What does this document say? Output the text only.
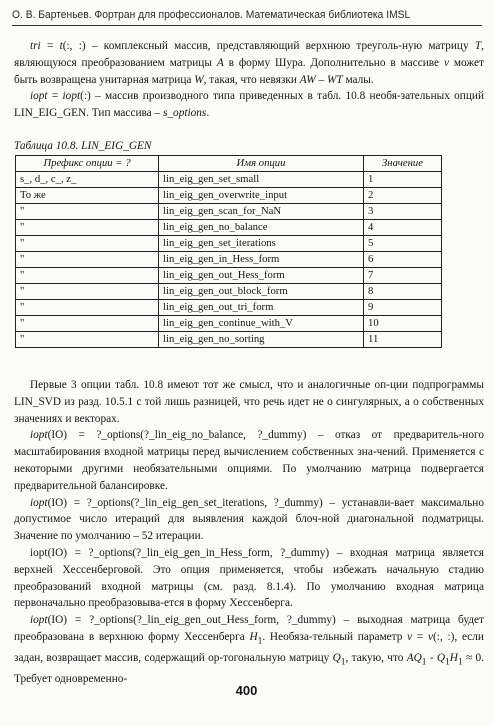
О. В. Бартеньев. Фортран для профессионалов. Математическая библиотека IMSL

tri = t(:, :) – комплексный массив, представляющий верхнюю треуголь-ную матрицу T, являющуюся преобразованием матрицы A в форму Шура. Дополнительно в массиве v может быть возвращена унитарная матрица W, такая, что невязки AW – WT малы.

iopt = iopt(:) – массив производного типа приведенных в табл. 10.8 необя-зательных опций LIN_EIG_GEN. Тип массива – s_options.

Таблица 10.8. LIN_EIG_GEN
Префикс опции = ?	Имя опции	Значение
s_, d_, c_, z_	lin_eig_gen_set_small	1
То же	lin_eig_gen_overwrite_input	2
"	lin_eig_gen_scan_for_NaN	3
"	lin_eig_gen_no_balance	4
"	lin_eig_gen_set_iterations	5
"	lin_eig_gen_in_Hess_form	6
"	lin_eig_gen_out_Hess_form	7
"	lin_eig_gen_out_block_form	8
"	lin_eig_gen_out_tri_form	9
"	lin_eig_gen_continue_with_V	10
"	lin_eig_gen_no_sorting	11

Первые 3 опции табл. 10.8 имеют тот же смысл, что и аналогичные оп-ции подпрограммы LIN_SVD из разд. 10.5.1 с той лишь разницей, что речь идет не о сингулярных, а о собственных значениях и векторах.

iopt(IO) = ?_options(?_lin_eig_no_balance, ?_dummy) – отказ от предваритель-ного масштабирования входной матрицы перед вычислением собственных зна-чений. Применяется с некоторыми другими необязательными опциями. По умолчанию матрица подвергается предварительной балансировке.

iopt(IO) = ?_options(?_lin_eig_gen_set_iterations, ?_dummy) – устанавли-вает максимально допустимое число итераций для выявления каждой блоч-ной диагональной подматрицы. Значение по умолчанию – 52 итерации.

iopt(IO) = ?_options(?_lin_eig_gen_in_Hess_form, ?_dummy) – входная матрица является верхней Хессенберговой. Это опция применяется, чтобы избежать начальную стадию преобразований входной матрицы (см. разд. 8.1.4). По умолчанию входная матрица первоначально преобразовыва-ется в форму Хессенберга.

iopt(IO) = ?_options(?_lin_eig_gen_out_Hess_form, ?_dummy) – выходная матрица будет преобразована в верхнюю форму Хессенберга $H_1$. Необяза-тельный параметр v = v(:, :), если задан, возвращает массив, содержащий ор-тогональную матрицу $Q_1$, такую, что $AQ_1 - Q_1H_1 \approx 0$. Требует одновременно-

400
